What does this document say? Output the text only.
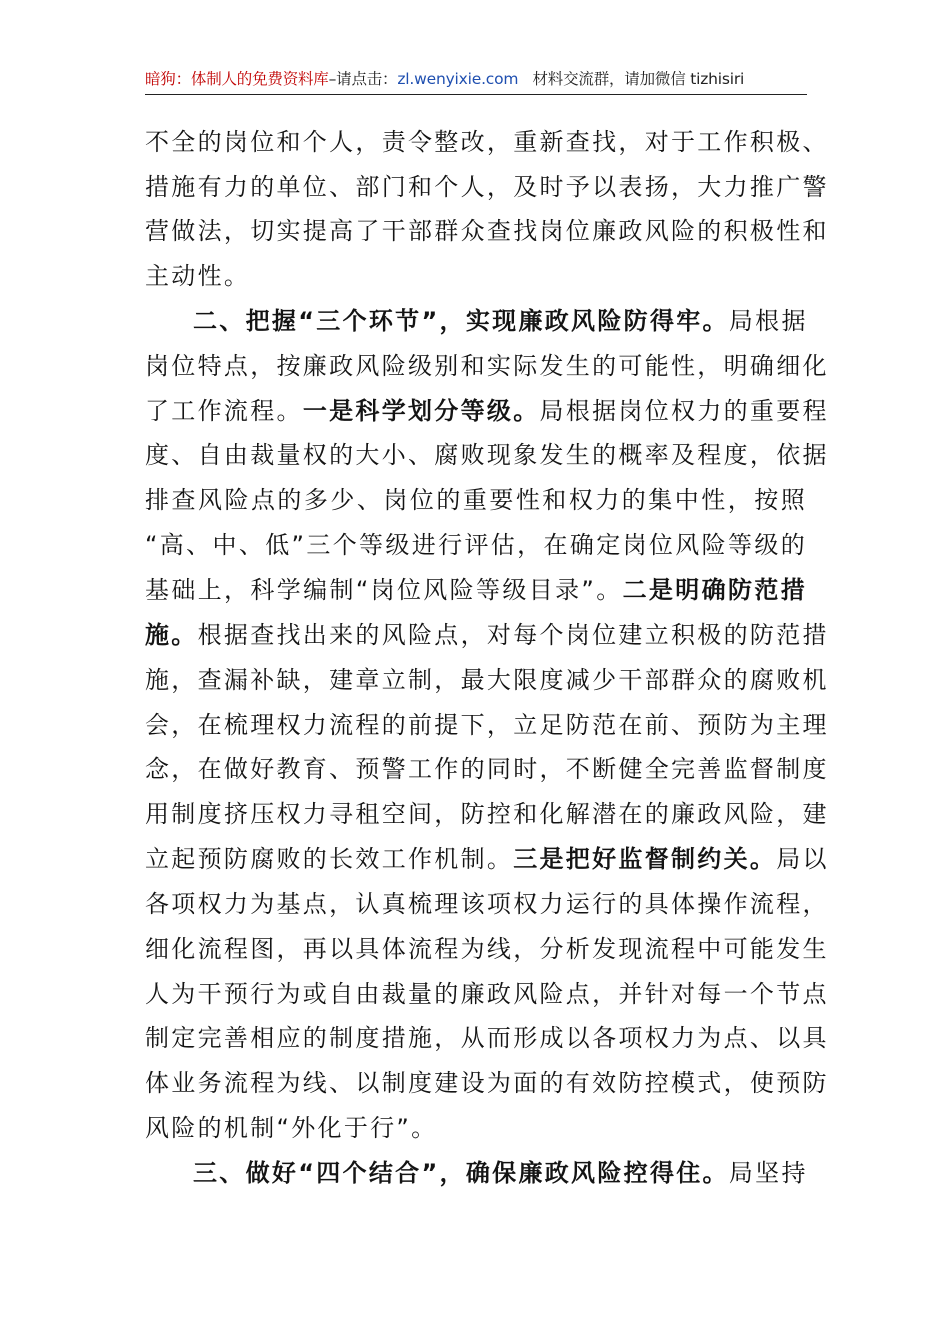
暗狗：体制人的免费资料库–请点击：zl.wenyixie.com 材料交流群，请加微信 tizhisiri
不全的岗位和个人，责令整改，重新查找，对于工作积极、
措施有力的单位、部门和个人，及时予以表扬，大力推广警
营做法，切实提高了干部群众查找岗位廉政风险的积极性和
主动性。
二、把握“三个环节”，实现廉政风险防得牢。局根据
岗位特点，按廉政风险级别和实际发生的可能性，明确细化
了工作流程。一是科学划分等级。局根据岗位权力的重要程
度、自由裁量权的大小、腐败现象发生的概率及程度，依据
排查风险点的多少、岗位的重要性和权力的集中性，按照
“高、中、低”三个等级进行评估，在确定岗位风险等级的
基础上，科学编制“岗位风险等级目录”。二是明确防范措
施。根据查找出来的风险点，对每个岗位建立积极的防范措
施，查漏补缺，建章立制，最大限度减少干部群众的腐败机
会，在梳理权力流程的前提下，立足防范在前、预防为主理
念，在做好教育、预警工作的同时，不断健全完善监督制度
用制度挤压权力寻租空间，防控和化解潜在的廉政风险，建
立起预防腐败的长效工作机制。三是把好监督制约关。局以
各项权力为基点，认真梳理该项权力运行的具体操作流程，
细化流程图，再以具体流程为线，分析发现流程中可能发生
人为干预行为或自由裁量的廉政风险点，并针对每一个节点
制定完善相应的制度措施，从而形成以各项权力为点、以具
体业务流程为线、以制度建设为面的有效防控模式，使预防
风险的机制“外化于行”。
三、做好“四个结合”，确保廉政风险控得住。局坚持
